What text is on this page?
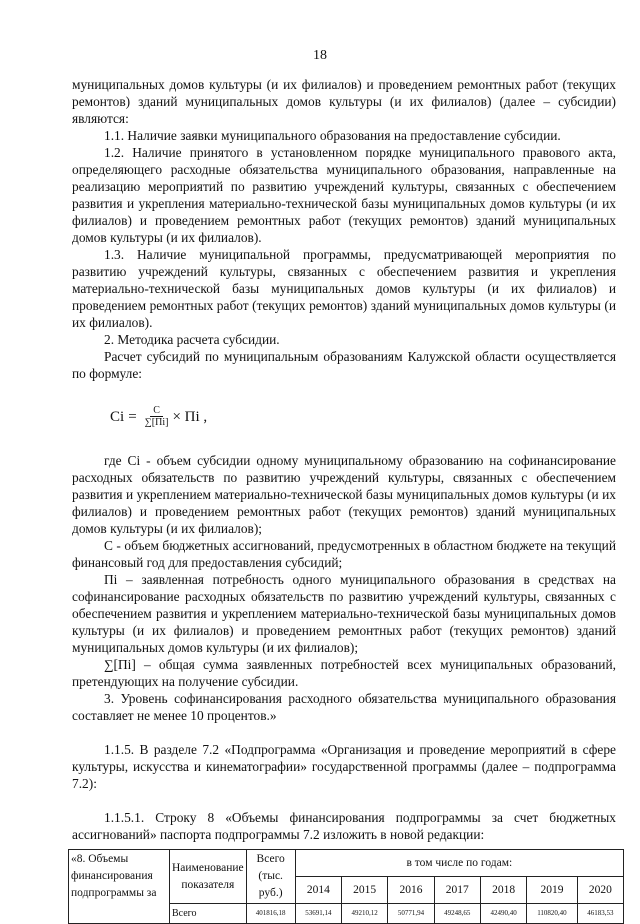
18

муниципальных домов культуры (и их филиалов) и проведением ремонтных работ (текущих ремонтов) зданий муниципальных домов культуры (и их филиалов) (далее – субсидии) являются:

1.1. Наличие заявки муниципального образования на предоставление субсидии.

1.2. Наличие принятого в установленном порядке муниципального правового акта, определяющего расходные обязательства муниципального образования, направленные на реализацию мероприятий по развитию учреждений культуры, связанных с обеспечением развития и укрепления материально-технической базы муниципальных домов культуры (и их филиалов) и проведением ремонтных работ (текущих ремонтов) зданий муниципальных домов культуры (и их филиалов).

1.3. Наличие муниципальной программы, предусматривающей мероприятия по развитию учреждений культуры, связанных с обеспечением развития и укрепления материально-технической базы муниципальных домов культуры (и их филиалов) и проведением ремонтных работ (текущих ремонтов) зданий муниципальных домов культуры (и их филиалов).

2. Методика расчета субсидии.

Расчет субсидий по муниципальным образованиям Калужской области осуществляется по формуле:

$Ci = \frac{C}{\sum[Пi]}$ × Пi ,

где Ci - объем субсидии одному муниципальному образованию на софинансирование расходных обязательств по развитию учреждений культуры, связанных с обеспечением развития и укреплением материально-технической базы муниципальных домов культуры (и их филиалов) и проведением ремонтных работ (текущих ремонтов) зданий муниципальных домов культуры (и их филиалов);

С - объем бюджетных ассигнований, предусмотренных в областном бюджете на текущий финансовый год для предоставления субсидий;

Пi – заявленная потребность одного муниципального образования в средствах на софинансирование расходных обязательств по развитию учреждений культуры, связанных с обеспечением развития и укреплением материально-технической базы муниципальных домов культуры (и их филиалов) и проведением ремонтных работ (текущих ремонтов) зданий муниципальных домов культуры (и их филиалов);

∑[Пi] – общая сумма заявленных потребностей всех муниципальных образований, претендующих на получение субсидии.

3. Уровень софинансирования расходного обязательства муниципального образования составляет не менее 10 процентов.»

1.1.5. В разделе 7.2 «Подпрограмма «Организация и проведение мероприятий в сфере культуры, искусства и кинематографии» государственной программы (далее – подпрограмма 7.2):

1.1.5.1. Строку 8 «Объемы финансирования подпрограммы за счет бюджетных ассигнований» паспорта подпрограммы 7.2 изложить в новой редакции:

«8. Объемы финансирования подпрограммы за	Наименование показателя	Всего (тыс. руб.)	в том числе по годам:						
			2014	2015	2016	2017	2018	2019	2020
	Всего	401816,18	53691,14	49210,12	50771,94	49248,65	42490,40	110820,40	46183,53
